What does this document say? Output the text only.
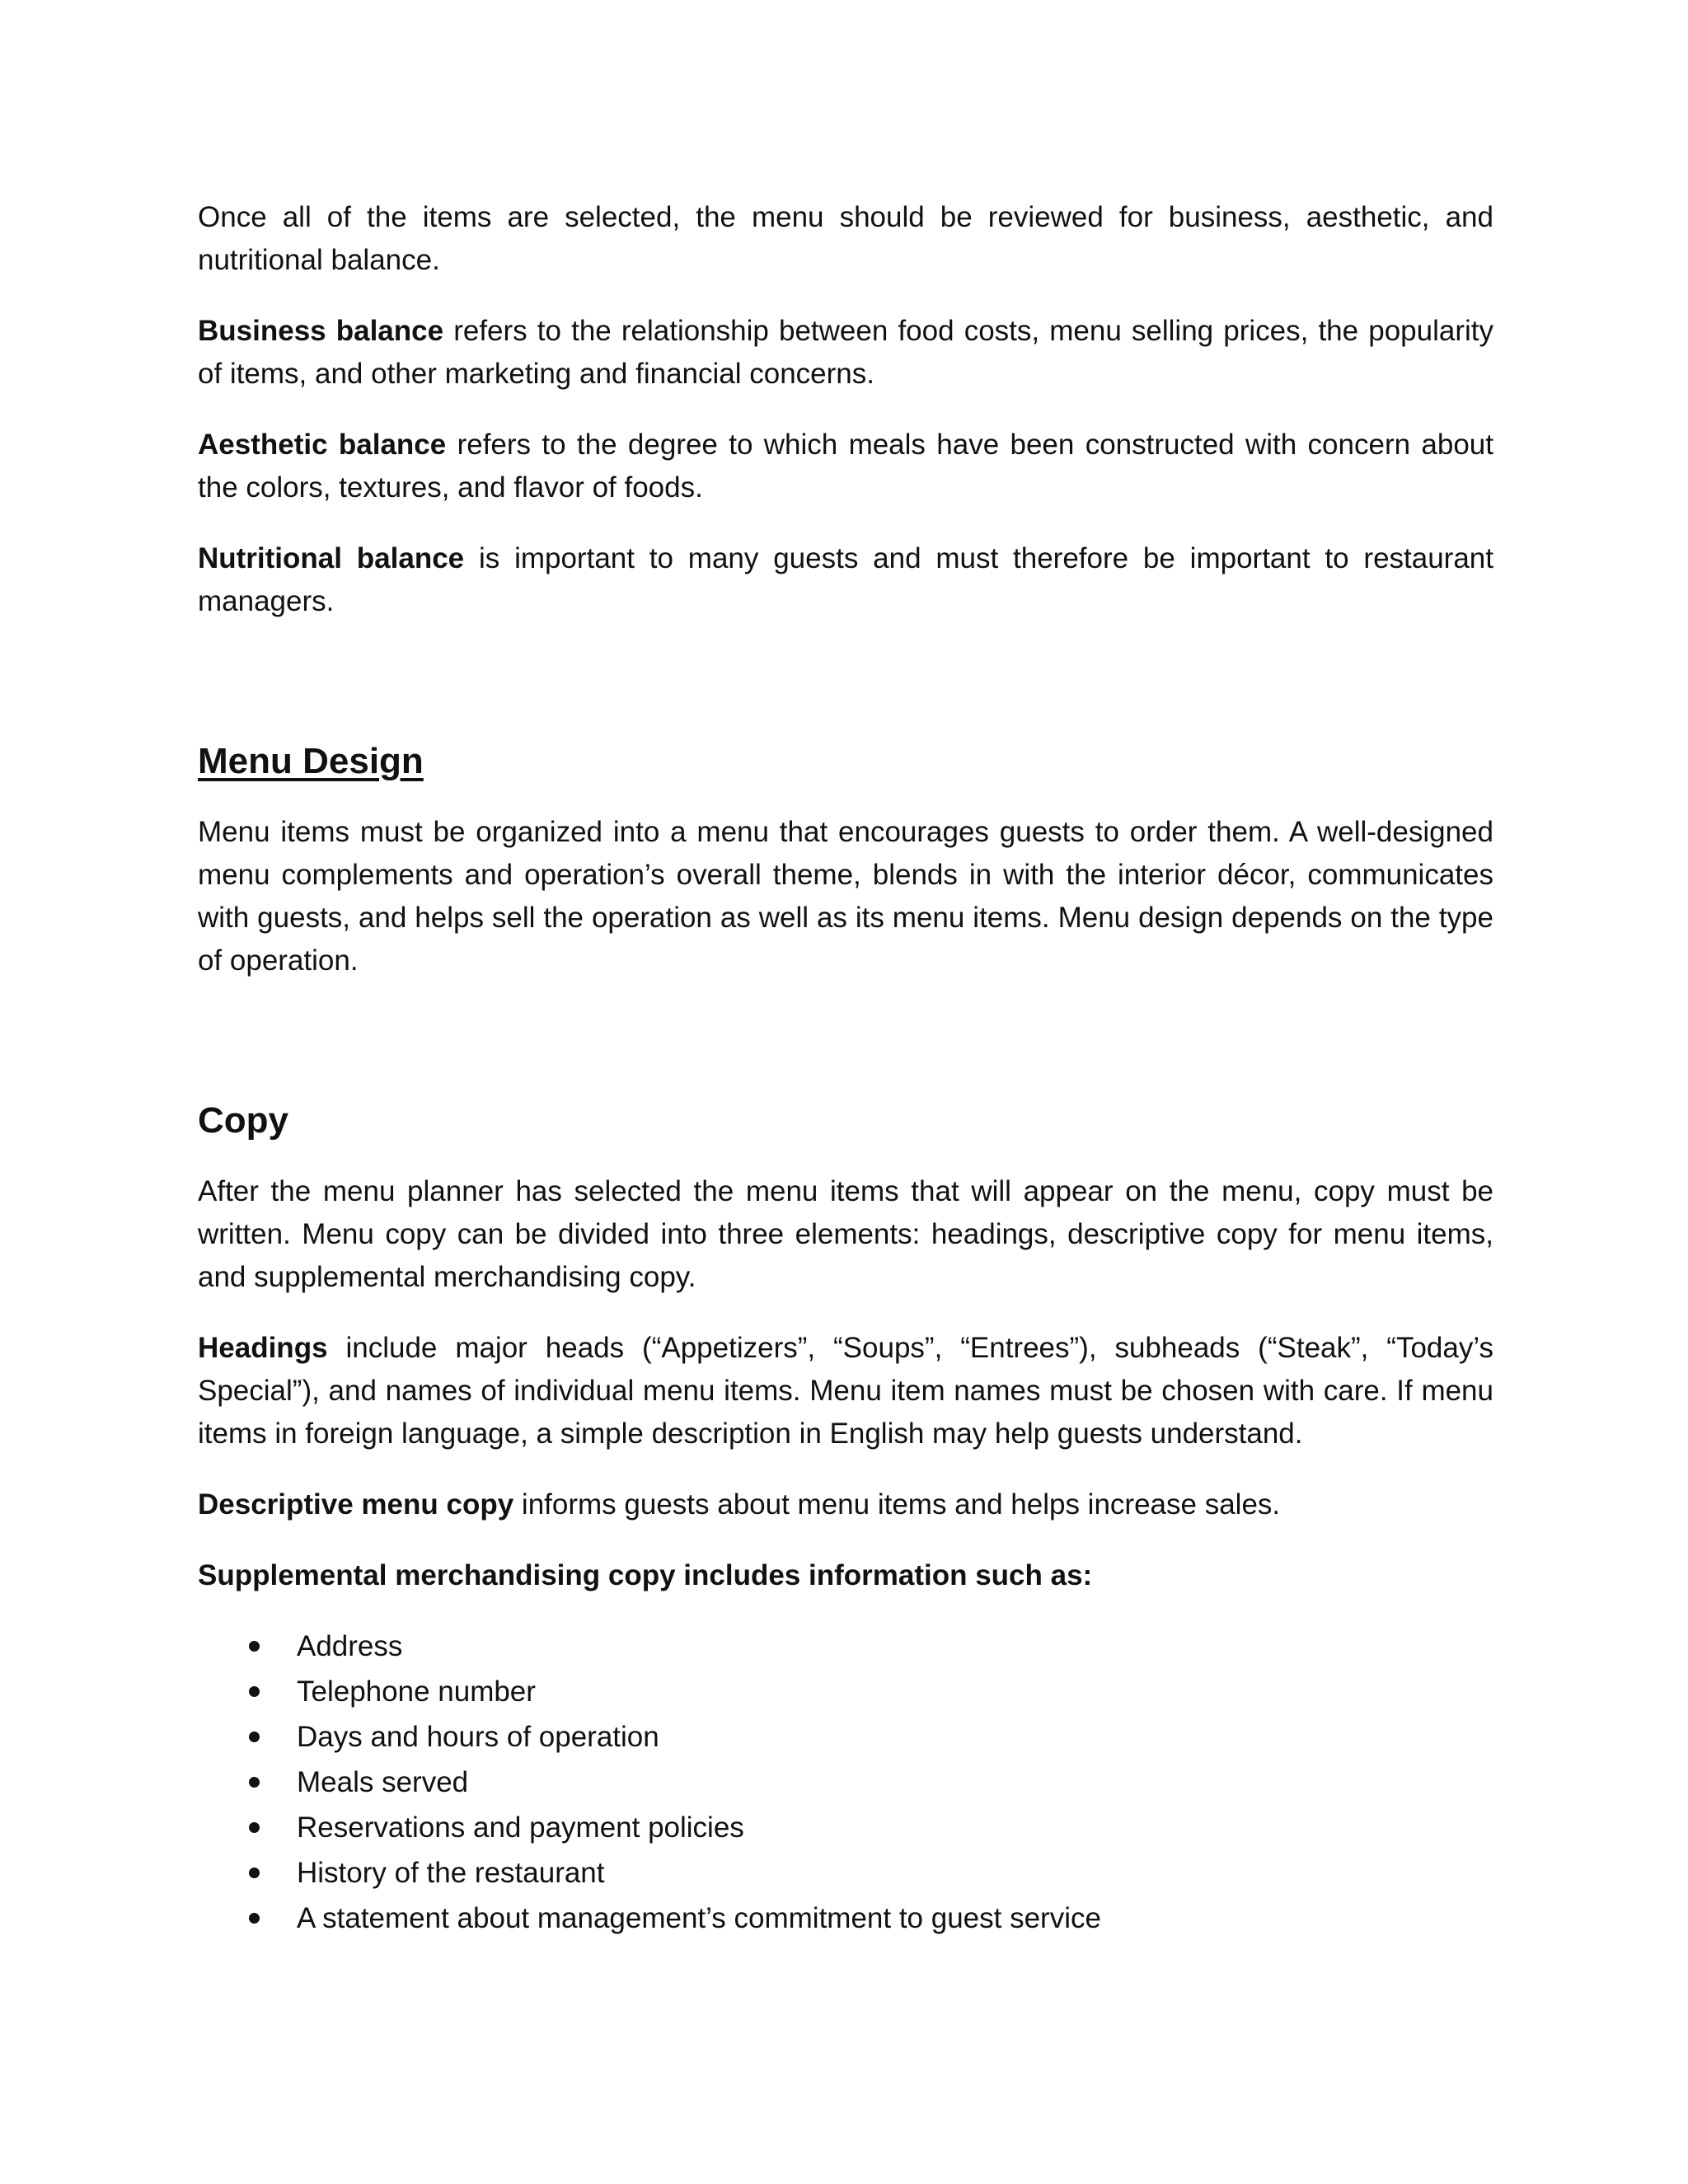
Once all of the items are selected, the menu should be reviewed for business, aesthetic, and nutritional balance.

Business balance refers to the relationship between food costs, menu selling prices, the popularity of items, and other marketing and financial concerns.

Aesthetic balance refers to the degree to which meals have been constructed with concern about the colors, textures, and flavor of foods.

Nutritional balance is important to many guests and must therefore be important to restaurant managers.

Menu Design

Menu items must be organized into a menu that encourages guests to order them. A well-designed menu complements and operation’s overall theme, blends in with the interior décor, communicates with guests, and helps sell the operation as well as its menu items. Menu design depends on the type of operation.

Copy

After the menu planner has selected the menu items that will appear on the menu, copy must be written. Menu copy can be divided into three elements: headings, descriptive copy for menu items, and supplemental merchandising copy.

Headings include major heads (“Appetizers”, “Soups”, “Entrees”), subheads (“Steak”, “Today’s Special”), and names of individual menu items. Menu item names must be chosen with care. If menu items in foreign language, a simple description in English may help guests understand.

Descriptive menu copy informs guests about menu items and helps increase sales.

Supplemental merchandising copy includes information such as:

Address
Telephone number
Days and hours of operation
Meals served
Reservations and payment policies
History of the restaurant
A statement about management’s commitment to guest service
